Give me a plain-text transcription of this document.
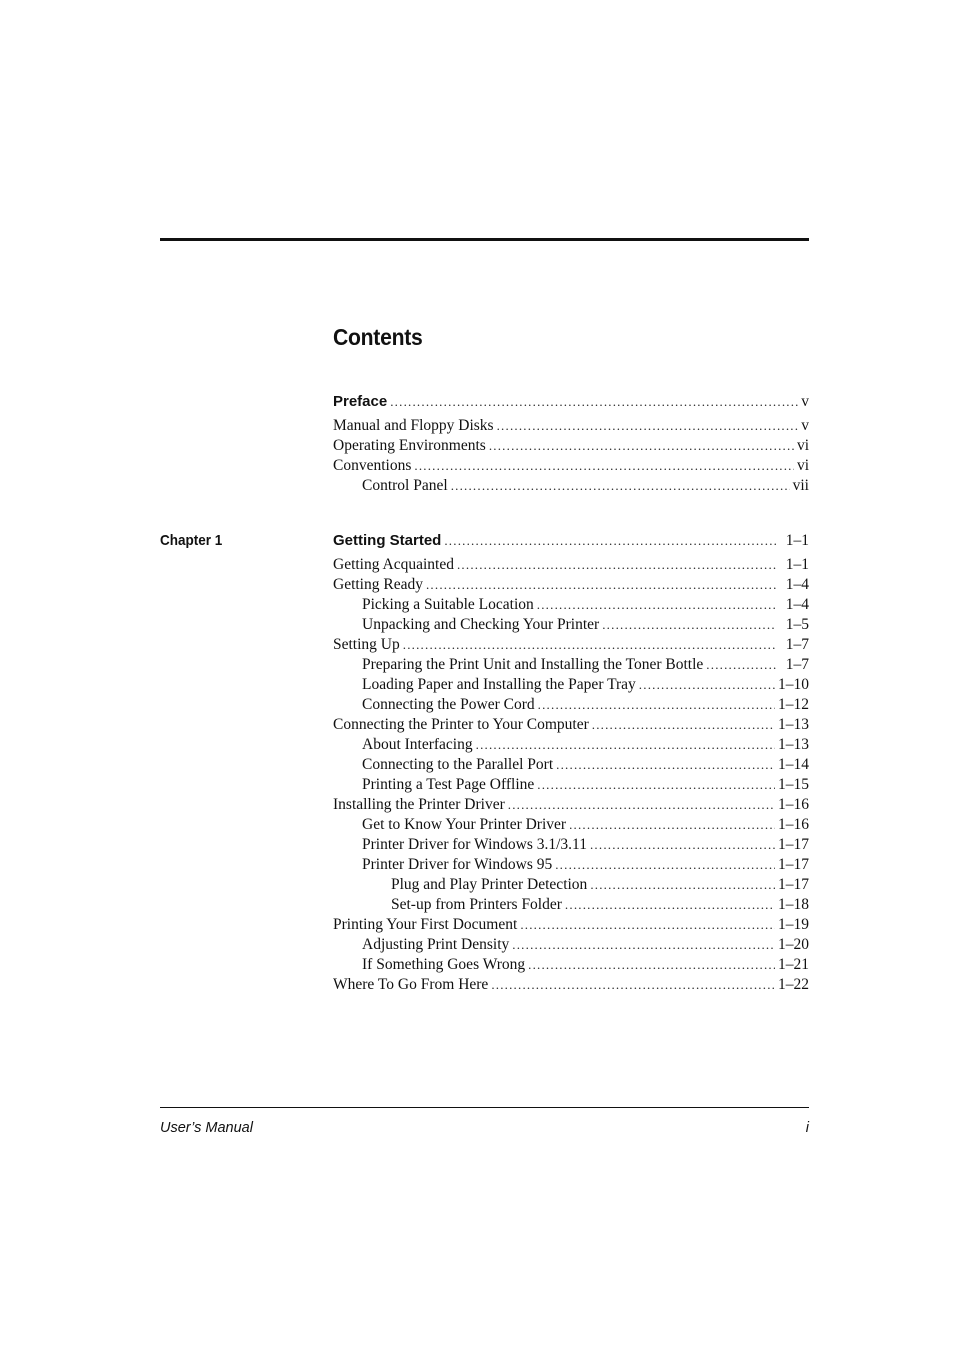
Contents
Preface .....	v
Manual and Floppy Disks .....	v
Operating Environments .....	vi
Conventions .....	vi
Control Panel .....	vii
Chapter 1	Getting Started .....	1–1
Getting Acquainted .....	1–1
Getting Ready .....	1–4
Picking a Suitable Location .....	1–4
Unpacking and Checking Your Printer .....	1–5
Setting Up .....	1–7
Preparing the Print Unit and Installing the Toner Bottle .....	1–7
Loading Paper and Installing the Paper Tray .....	1–10
Connecting the Power Cord .....	1–12
Connecting the Printer to Your Computer .....	1–13
About Interfacing .....	1–13
Connecting to the Parallel Port .....	1–14
Printing a Test Page Offline .....	1–15
Installing the Printer Driver .....	1–16
Get to Know Your Printer Driver .....	1–16
Printer Driver for Windows 3.1/3.11 .....	1–17
Printer Driver for Windows 95 .....	1–17
Plug and Play Printer Detection .....	1–17
Set-up from Printers Folder .....	1–18
Printing Your First Document .....	1–19
Adjusting Print Density .....	1–20
If Something Goes Wrong .....	1–21
Where To Go From Here .....	1–22
User’s Manual	i
